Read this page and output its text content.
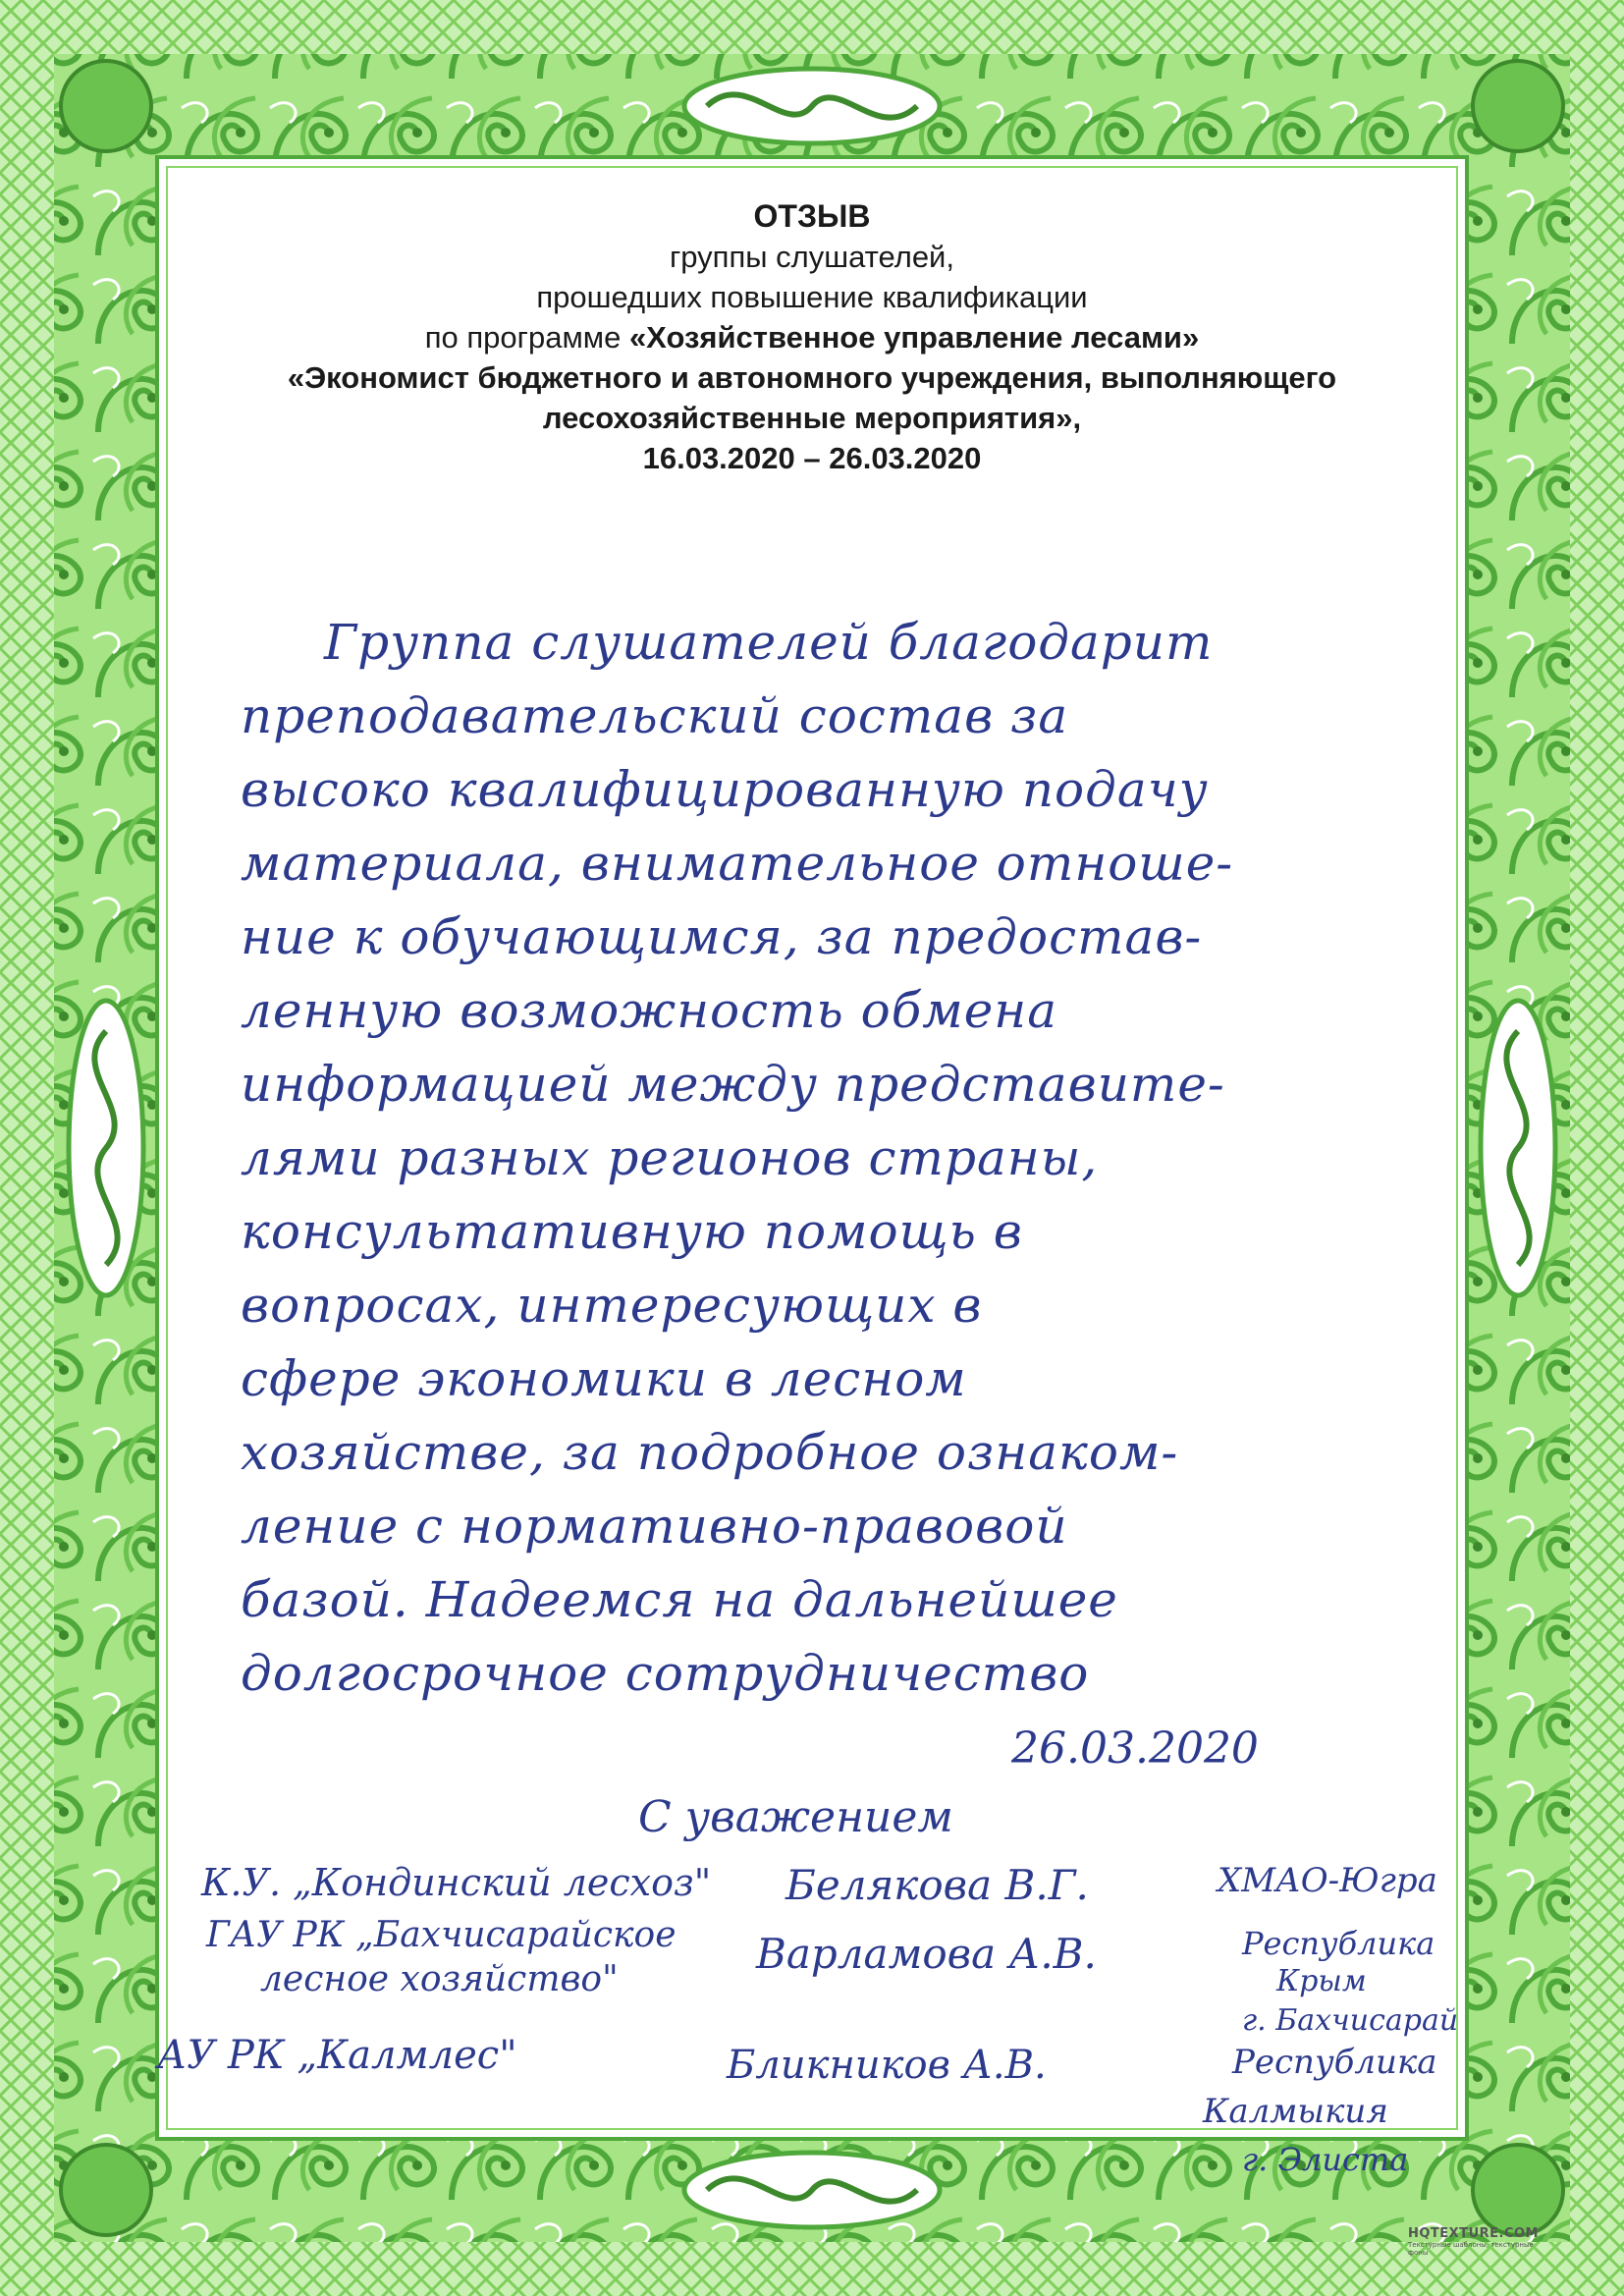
ОТЗЫВ
группы слушателей,
прошедших повышение квалификации
по программе «Хозяйственное управление лесами»
«Экономист бюджетного и автономного учреждения, выполняющего
лесохозяйственные мероприятия»,
16.03.2020 – 26.03.2020
Группа слушателей благодарит
преподавательский состав за
высоко квалифицированную подачу
материала, внимательное отноше-
ние к обучающимся, за предостав-
ленную возможность обмена
информацией между представите-
лями разных регионов страны,
консультативную помощь в
вопросах, интересующих в
сфере экономики в лесном
хозяйстве, за подробное ознаком-
ление с нормативно-правовой
базой. Надеемся на дальнейшее
долгосрочное сотрудничество
26.03.2020
С уважением
К.У. „Кондинский лесхоз" Белякова В.Г.	ХМАО-Югра
ГАУ РК „Бахчисарайское
лесное хозяйство"
Варламова А.В.	Республика
Крым
г. Бахчисарай
АУ РК „Калмлес"	Бликников А.В.	Республика
Калмыкия
г. Элиста
HQTEXTURE.COM
Текстурные шаблоны, текстурные фоны
